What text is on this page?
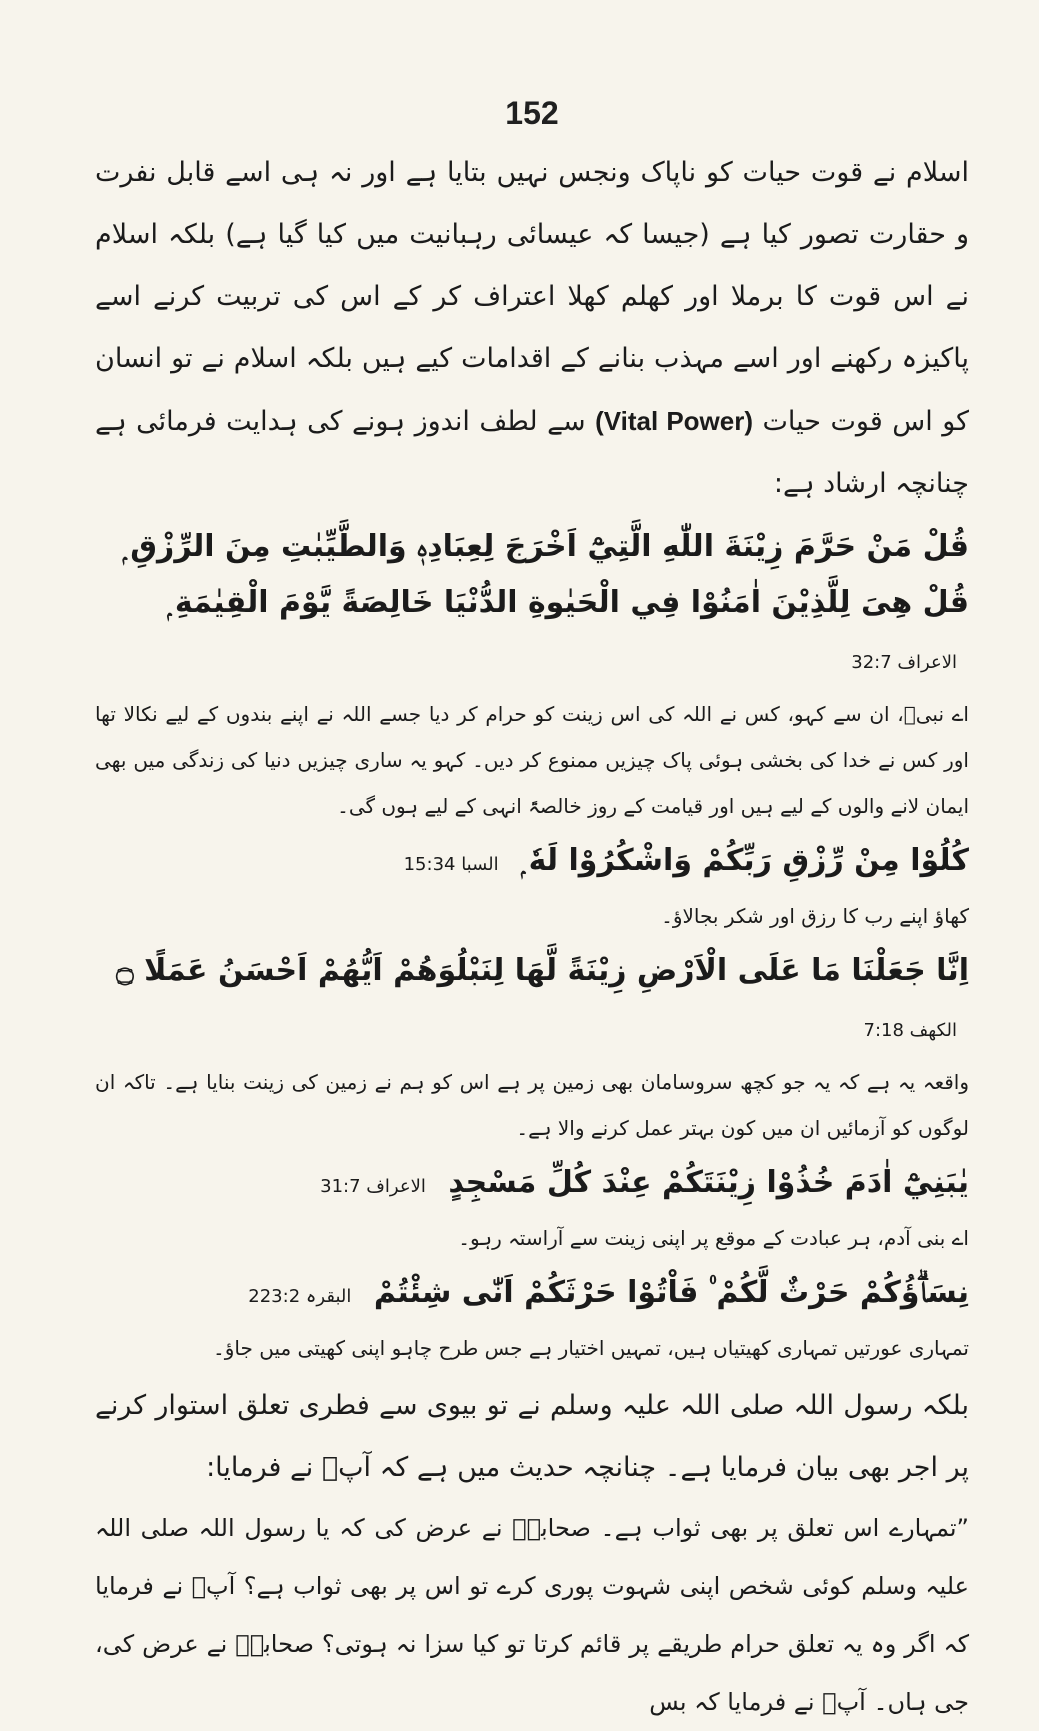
152

اسلام نے قوت حیات کو ناپاک ونجس نہیں بتایا ہے اور نہ ہی اسے قابل نفرت و حقارت تصور کیا ہے (جیسا کہ عیسائی رہبانیت میں کیا گیا ہے) بلکہ اسلام نے اس قوت کا برملا اور کھلم کھلا اعتراف کر کے اس کی تربیت کرنے اسے پاکیزہ رکھنے اور اسے مہذب بنانے کے اقدامات کیے ہیں بلکہ اسلام نے تو انسان کو اس قوت حیات (Vital Power) سے لطف اندوز ہونے کی ہدایت فرمائی ہے چنانچہ ارشاد ہے:

قُلْ مَنْ حَرَّمَ زِيْنَةَ اللّٰهِ الَّتِيْٓ اَخْرَجَ لِعِبَادِهٖ وَالطَّيِّبٰتِ مِنَ الرِّزْقِ ۭ قُلْ هِىَ لِلَّذِيْنَ اٰمَنُوْا فِي الْحَيٰوةِ الدُّنْيَا خَالِصَةً يَّوْمَ الْقِيٰمَةِ ۭ الاعراف 32:7

اے نبیؐ، ان سے کہو، کس نے اللہ کی اس زینت کو حرام کر دیا جسے اللہ نے اپنے بندوں کے لیے نکالا تھا اور کس نے خدا کی بخشی ہوئی پاک چیزیں ممنوع کر دیں۔ کہو یہ ساری چیزیں دنیا کی زندگی میں بھی ایمان لانے والوں کے لیے ہیں اور قیامت کے روز خالصۃً انہی کے لیے ہوں گی۔

كُلُوْا مِنْ رِّزْقِ رَبِّكُمْ وَاشْكُرُوْا لَهٗ ۭ السبا 15:34

کھاؤ اپنے رب کا رزق اور شکر بجالاؤ۔

اِنَّا جَعَلْنَا مَا عَلَى الْاَرْضِ زِيْنَةً لَّهَا لِنَبْلُوَهُمْ اَيُّهُمْ اَحْسَنُ عَمَلًا ۝ الکھف 7:18

واقعہ یہ ہے کہ یہ جو کچھ سروسامان بھی زمین پر ہے اس کو ہم نے زمین کی زینت بنایا ہے۔ تاکہ ان لوگوں کو آزمائیں ان میں کون بہتر عمل کرنے والا ہے۔

يٰبَنِيْٓ اٰدَمَ خُذُوْا زِيْنَتَكُمْ عِنْدَ كُلِّ مَسْجِدٍ الاعراف 31:7

اے بنی آدم، ہر عبادت کے موقع پر اپنی زینت سے آراستہ رہو۔

نِسَاۗؤُكُمْ حَرْثٌ لَّكُمْ ۠ فَاْتُوْا حَرْثَكُمْ اَنّٰى شِئْتُمْ البقرہ 223:2

تمہاری عورتیں تمہاری کھیتیاں ہیں، تمہیں اختیار ہے جس طرح چاہو اپنی کھیتی میں جاؤ۔

بلکہ رسول اللہ صلی اللہ علیہ وسلم نے تو بیوی سے فطری تعلق استوار کرنے پر اجر بھی بیان فرمایا ہے۔ چنانچہ حدیث میں ہے کہ آپؐ نے فرمایا:

”تمہارے اس تعلق پر بھی ثواب ہے۔ صحابہؓ نے عرض کی کہ یا رسول اللہ صلی اللہ علیہ وسلم کوئی شخص اپنی شہوت پوری کرے تو اس پر بھی ثواب ہے؟ آپؐ نے فرمایا کہ اگر وہ یہ تعلق حرام طریقے پر قائم کرتا تو کیا سزا نہ ہوتی؟ صحابہؓ نے عرض کی، جی ہاں۔ آپؐ نے فرمایا کہ بس
